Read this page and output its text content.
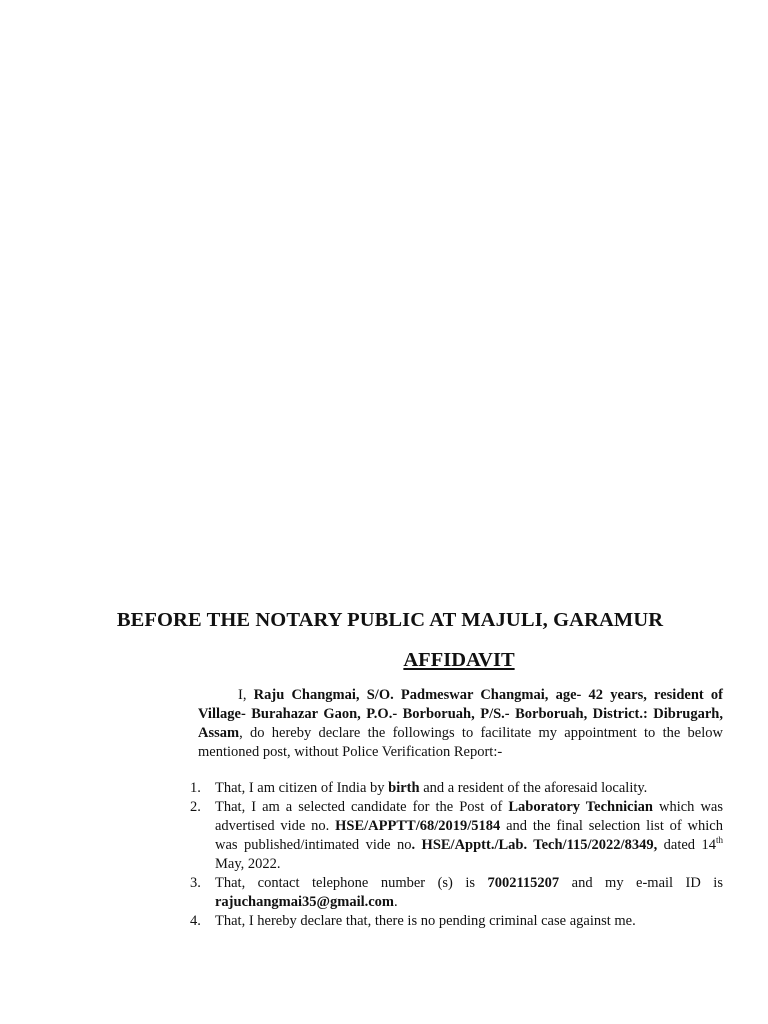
BEFORE THE NOTARY PUBLIC AT MAJULI, GARAMUR
AFFIDAVIT
I, Raju Changmai, S/O. Padmeswar Changmai, age- 42 years, resident of Village- Burahazar Gaon, P.O.- Borboruah, P/S.- Borboruah, District.: Dibrugarh, Assam, do hereby declare the followings to facilitate my appointment to the below mentioned post, without Police Verification Report:-
1. That, I am citizen of India by birth and a resident of the aforesaid locality.
2. That, I am a selected candidate for the Post of Laboratory Technician which was advertised vide no. HSE/APPTT/68/2019/5184 and the final selection list of which was published/intimated vide no. HSE/Apptt./Lab. Tech/115/2022/8349, dated 14th May, 2022.
3. That, contact telephone number (s) is 7002115207 and my e-mail ID is rajuchangmai35@gmail.com.
4. That, I hereby declare that, there is no pending criminal case against me.
